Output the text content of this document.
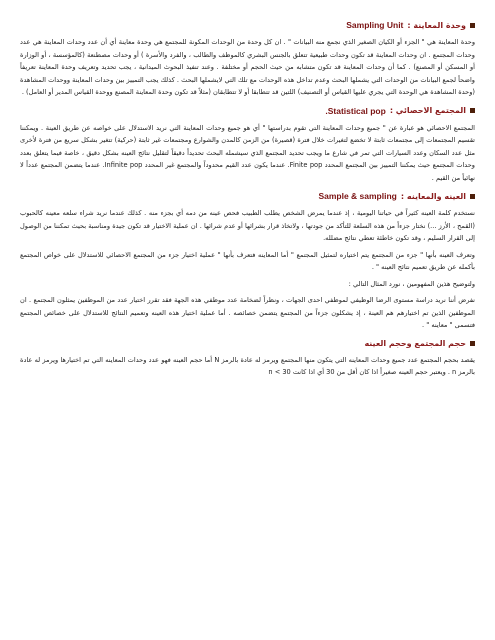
وحدة المعاينة :
Sampling Unit

وحدة المعاينة هي " الجزء أو الكيان الصغير الذي نجمع منه البيانات " . ان كل وحدة من الوحدات المكونة للمجتمع هي وحدة معاينة أي أن عدد وحدات المعاينة هي عدد وحدات المجتمع . ان وحدات المعاينة قد تكون وحدات طبيعية تتعلق بالجنس البشري كالموظف والطالب ، والفرد والأسرة ) أو وحدات مصطنعة (كالمؤسسة ، أو الوزارة أو المسكن أو المصنع) . كما أن وحدات المعاينة قد تكون متشابه من حيث الحجم أو مختلفة . وعند تنفيذ البحوث الميدانية ، يجب تحديد وتعريف وحدة المعاينة تعريفاً واضحاً لجمع البيانات من الوحدات التي يشملها البحث وعدم تداخل هذه الوحدات مع تلك التي لايشملها البحث . كذلك يجب التمييز بين وحدات المعاينة ووحدات المشاهدة (وحدة المشاهدة هي الوحدة التي يجري عليها القياس أو التصنيف) اللتين قد تتطابقا أو لا تتطابقان (مثلاً قد تكون وحدة المعاينة المصنع ووحدة القياس المدير أو العامل) .

المجتمع الاحصائي :
Statistical pop.

المجتمع الاحصائي هو عبارة عن " جميع وحدات المعاينة التي تقوم بدراستها " أي هو جميع وحدات المعاينة التي نريد الاستدلال على خواصه عن طريق العينة . ويمكننا تقسيم المجتمعات إلى مجتمعات ثابتة لا تخضع لتغيرات خلال فترة (قصيرة) من الزمن كالمدن والشوارع ومجتمعات غير ثابتة (حركية) تتغير بشكل سريع من فترة لأخرى مثل عدد السكان وعدد السيارات التي تمر في شارع ما ويجب تحديد المجتمع الذي سيشمله البحث تحديداً دقيقاً لتقليل نتائج العينه بشكل دقيق ، خاصة فيما يتعلق بعدد وحدات المجتمع حيث يمكننا التمييز بين المجتمع المحدد Finite pop. عندما يكون عدد القيم محدوداً والمجتمع غير المحدد Infinite pop. عندما يتضمن المجتمع عدداً لا نهائياً من القيم .

العينه والمعاينه :
Sample & sampling

نستخدم كلمة العينه كثيراً في حياتنا اليومية ، إذ عندما يمرض الشخص يطلب الطبيب فحص عينه من دمه أي بجزء منه . كذلك عندما نريد شراء سلعه معينه كالحبوب (القمح ، الأرز ...) نختار جزءاً من هذه السلعة للتأكد من جودتها ، ولاتخاذ قرار بشرائها أو عدم شرائها . ان عملية الاختيار قد تكون جيدة ومناسبة بحيث تمكننا من الوصول إلى القرار السليم ، وقد تكون خاطئة تعطي نتائج مضلله.

وتعرف العينه بأنها " جزء من المجتمع يتم اختياره لتمثيل المجتمع " أما المعاينه فتعرف بأنها " عملية اختيار جزء من المجتمع الاحصائي للاستدلال على خواص المجتمع بأكمله عن طريق تعميم نتائج العينه " .

ولتوضيح هذين المفهومين ، نورد المثال التالي :

نفرض أننا نريد دراسة مستوى الرضا الوظيفي لموظفي احدى الجهات ، ونظراً لضخامة عدد موظفي هذه الجهة فقد تقرر اختيار عدد من الموظفين يمثلون المجتمع . ان الموظفين الذين تم اختيارهم هم العينة ، إذ يشكلون جزءاً من المجتمع يتضمن خصائصه . أما عملية اختيار هذه العينه وتعميم النتائج للاستدلال على خصائص المجتمع فتسمى " معاينه " .

حجم المجتمع وحجم العينه

يقصد بحجم المجتمع عدد جميع وحدات المعاينه التي يتكون منها المجتمع ويرمز له عادة بالرمز N أما حجم العينه فهو عدد وحدات المعاينه التي تم اختيارها ويرمز له عادة بالرمز n . ويعتبر حجم العينه صغيراً اذا كان أقل من 30 أي اذا كانت 30 > n
